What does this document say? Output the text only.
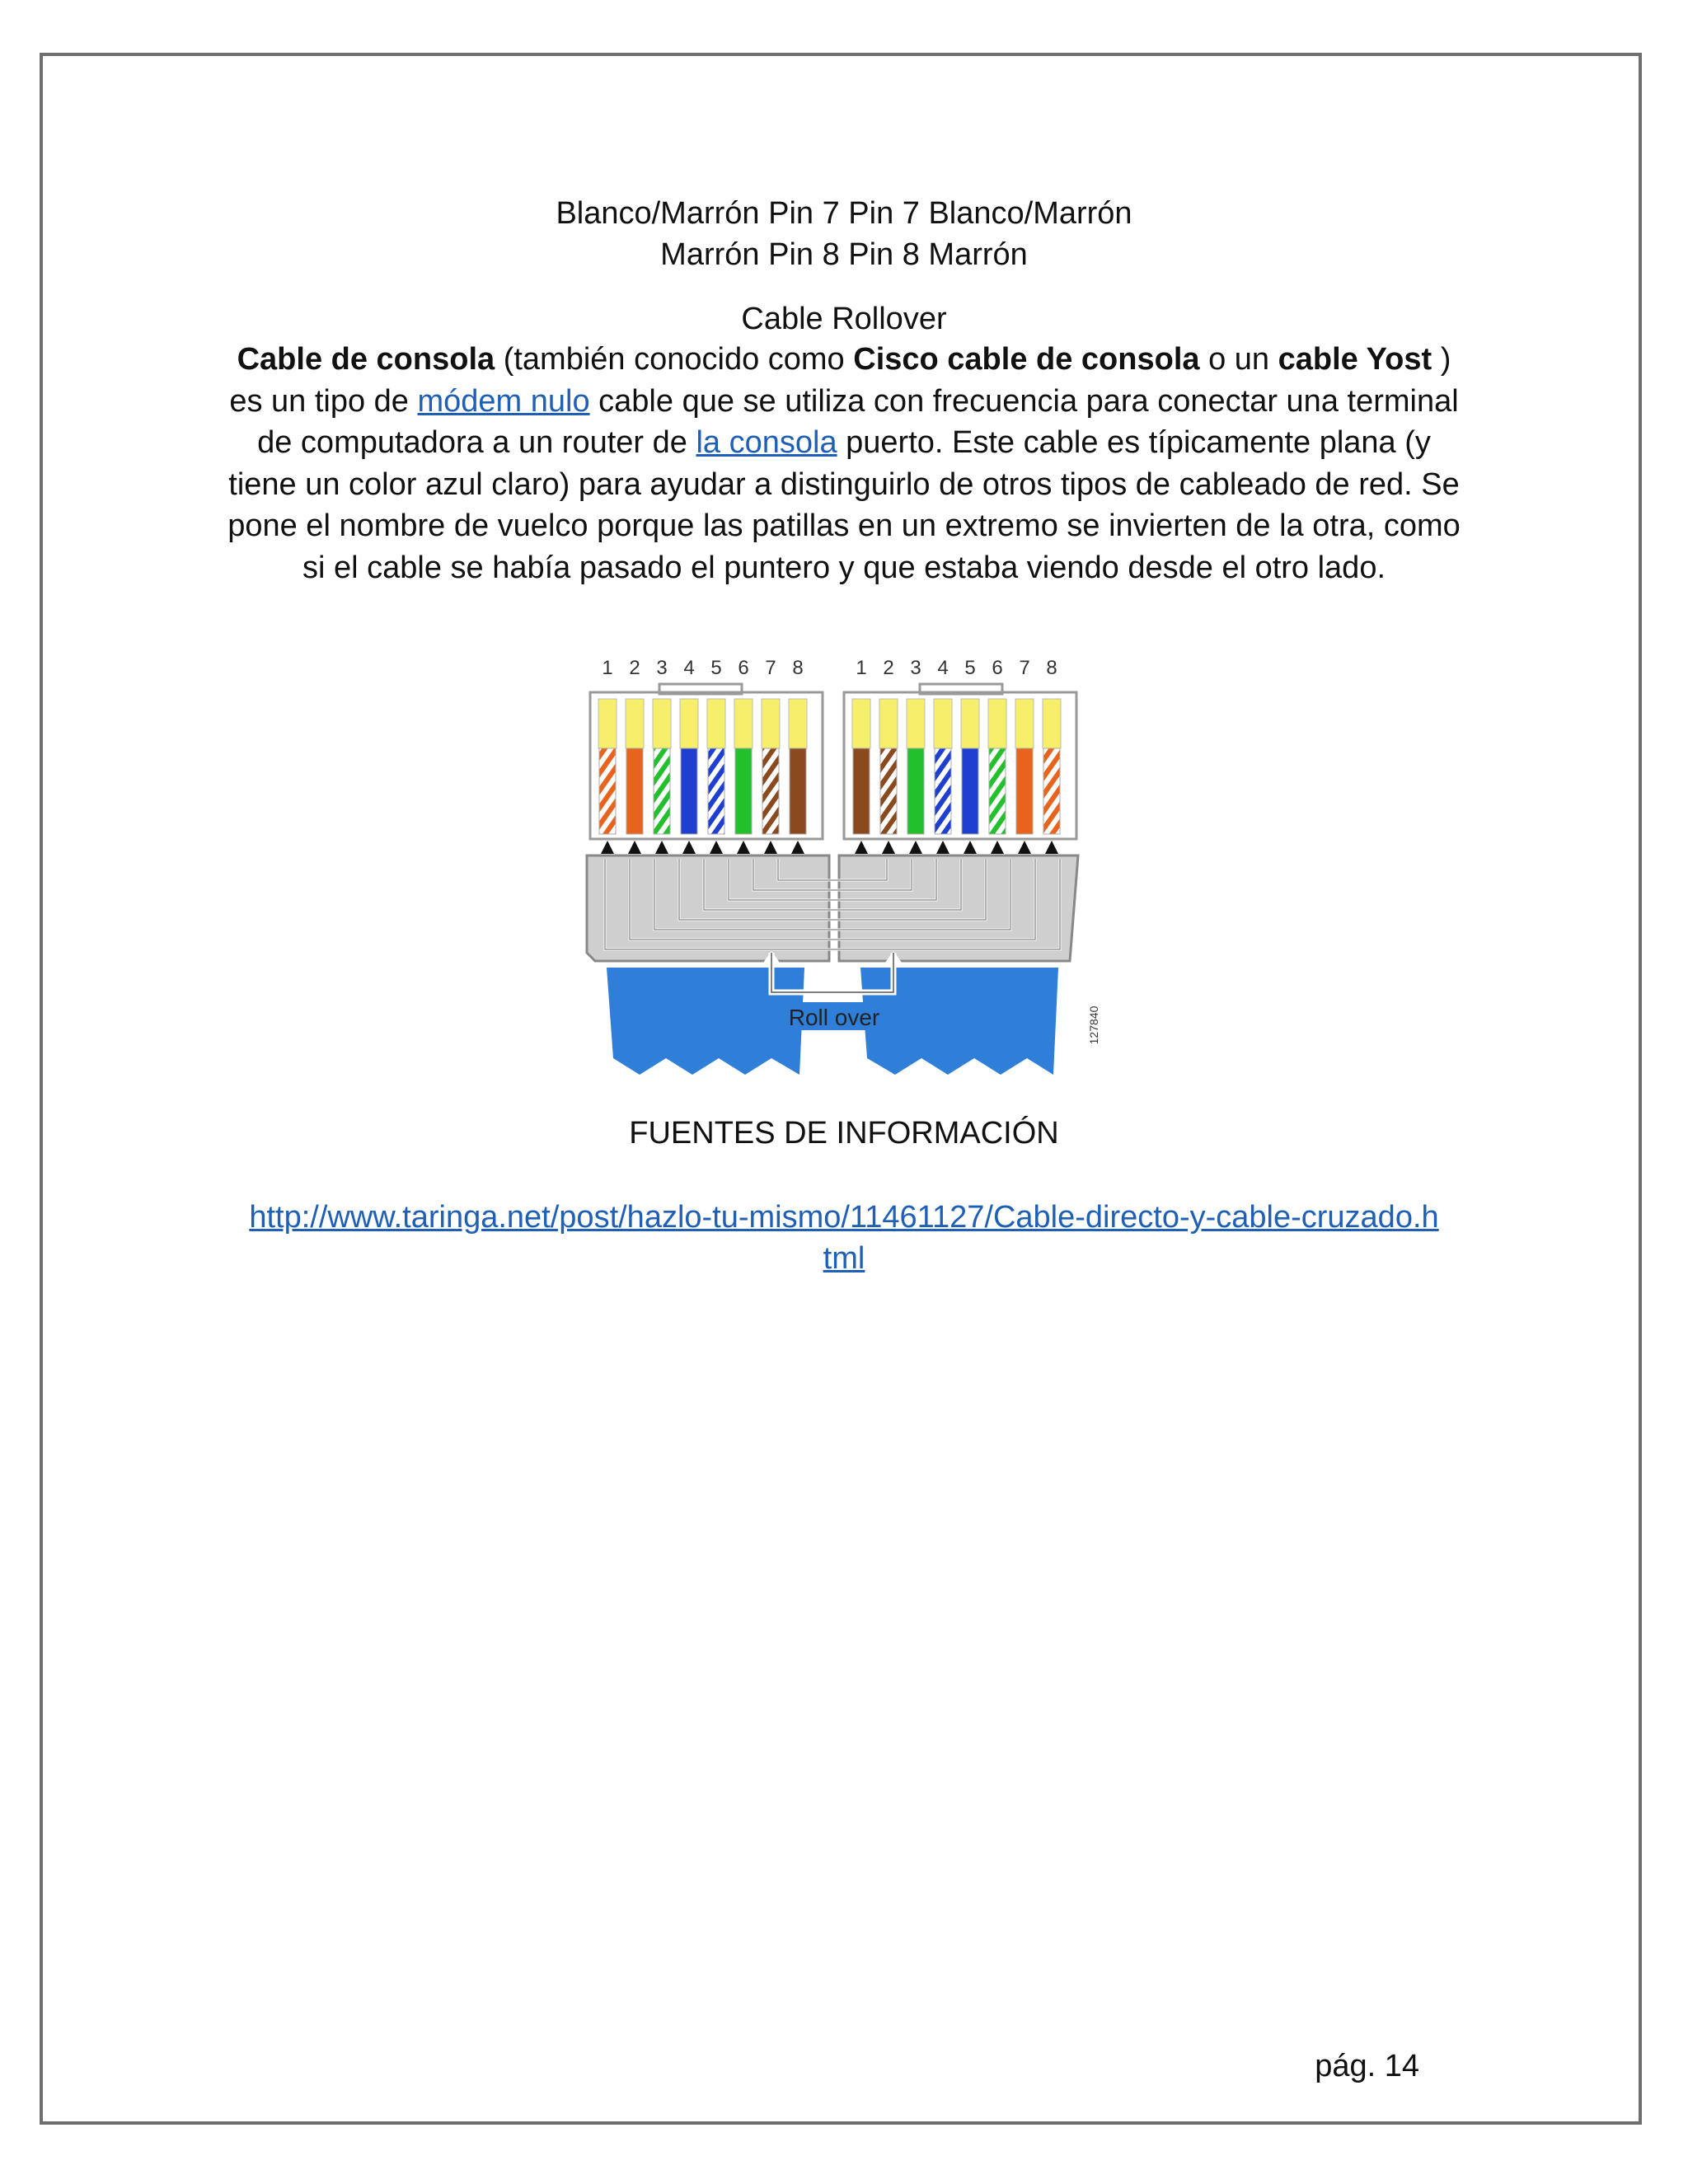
Blanco/Marrón Pin 7 Pin 7 Blanco/Marrón
Marrón Pin 8 Pin 8 Marrón
Cable Rollover
Cable de consola (también conocido como Cisco cable de consola o un cable Yost ) es un tipo de módem nulo cable que se utiliza con frecuencia para conectar una terminal de computadora a un router de la consola puerto. Este cable es típicamente plana (y tiene un color azul claro) para ayudar a distinguirlo de otros tipos de cableado de red. Se pone el nombre de vuelco porque las patillas en un extremo se invierten de la otra, como si el cable se había pasado el puntero y que estaba viendo desde el otro lado.
1 2 3 4 5 6 7 8	1 2 3 4 5 6 7 8
Roll over	127840
FUENTES DE INFORMACIÓN
http://www.taringa.net/post/hazlo-tu-mismo/11461127/Cable-directo-y-cable-cruzado.html
pág. 14
